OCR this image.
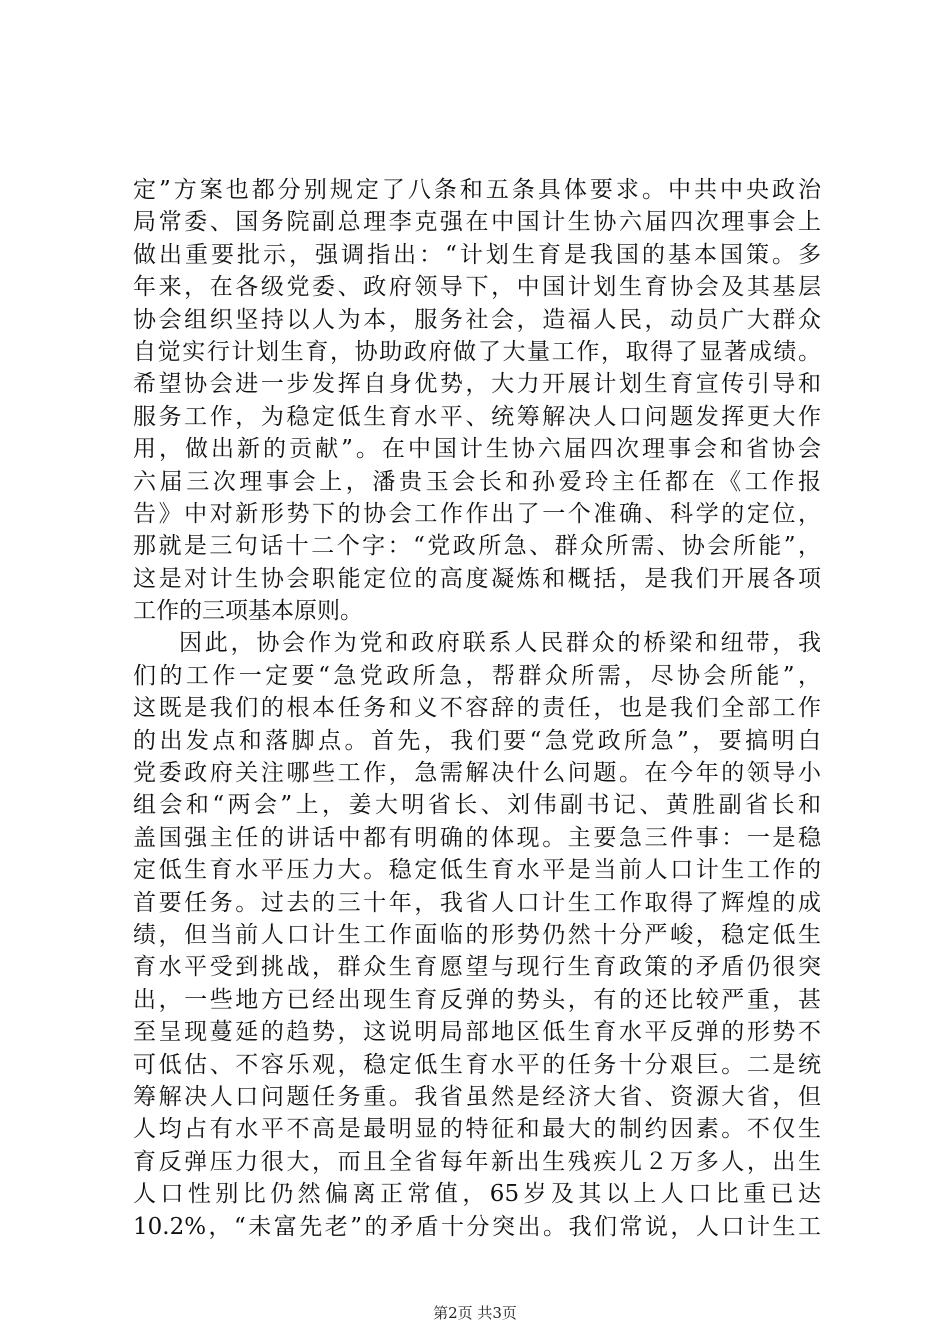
定”方案也都分别规定了八条和五条具体要求。中共中央政治
局常委、国务院副总理李克强在中国计生协六届四次理事会上
做出重要批示，强调指出：“计划生育是我国的基本国策。多
年来，在各级党委、政府领导下，中国计划生育协会及其基层
协会组织坚持以人为本，服务社会，造福人民，动员广大群众
自觉实行计划生育，协助政府做了大量工作，取得了显著成绩。
希望协会进一步发挥自身优势，大力开展计划生育宣传引导和
服务工作，为稳定低生育水平、统筹解决人口问题发挥更大作
用，做出新的贡献”。在中国计生协六届四次理事会和省协会
六届三次理事会上，潘贵玉会长和孙爱玲主任都在《工作报
告》中对新形势下的协会工作作出了一个准确、科学的定位，
那就是三句话十二个字：“党政所急、群众所需、协会所能”，
这是对计生协会职能定位的高度凝炼和概括，是我们开展各项
工作的三项基本原则。
因此，协会作为党和政府联系人民群众的桥梁和纽带，我
们的工作一定要“急党政所急，帮群众所需，尽协会所能”，
这既是我们的根本任务和义不容辞的责任，也是我们全部工作
的出发点和落脚点。首先，我们要“急党政所急”，要搞明白
党委政府关注哪些工作，急需解决什么问题。在今年的领导小
组会和“两会”上，姜大明省长、刘伟副书记、黄胜副省长和
盖国强主任的讲话中都有明确的体现。主要急三件事：一是稳
定低生育水平压力大。稳定低生育水平是当前人口计生工作的
首要任务。过去的三十年，我省人口计生工作取得了辉煌的成
绩，但当前人口计生工作面临的形势仍然十分严峻，稳定低生
育水平受到挑战，群众生育愿望与现行生育政策的矛盾仍很突
出，一些地方已经出现生育反弹的势头，有的还比较严重，甚
至呈现蔓延的趋势，这说明局部地区低生育水平反弹的形势不
可低估、不容乐观，稳定低生育水平的任务十分艰巨。二是统
筹解决人口问题任务重。我省虽然是经济大省、资源大省，但
人均占有水平不高是最明显的特征和最大的制约因素。不仅生
育反弹压力很大，而且全省每年新出生残疾儿２万多人，出生
人口性别比仍然偏离正常值，65岁及其以上人口比重已达
10.2%，“未富先老”的矛盾十分突出。我们常说，人口计生工
第2页 共3页
